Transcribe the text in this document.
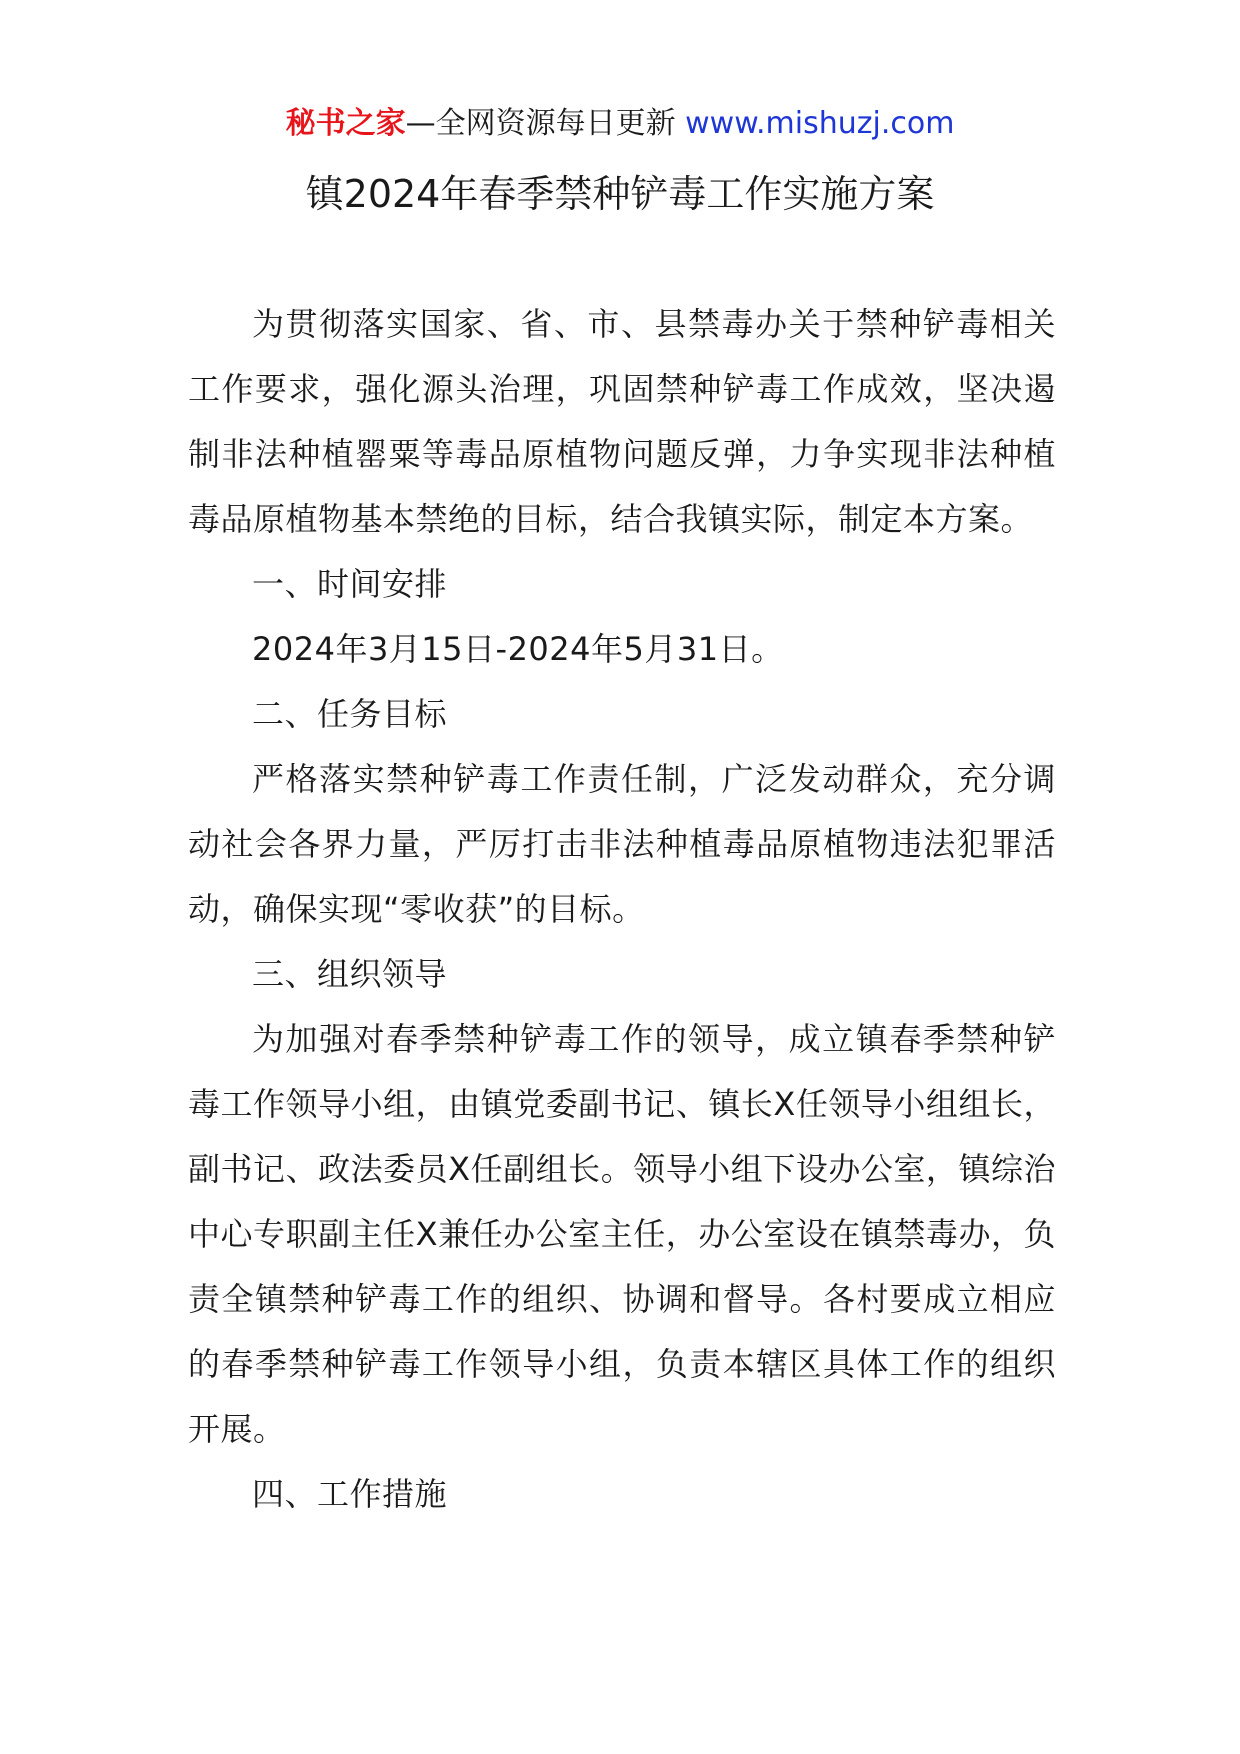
秘书之家—全网资源每日更新 www.mishuzj.com
镇2024年春季禁种铲毒工作实施方案

为贯彻落实国家、省、市、县禁毒办关于禁种铲毒相关工作要求，强化源头治理，巩固禁种铲毒工作成效，坚决遏制非法种植罂粟等毒品原植物问题反弹，力争实现非法种植毒品原植物基本禁绝的目标，结合我镇实际，制定本方案。

一、时间安排

2024年3月15日-2024年5月31日。

二、任务目标

严格落实禁种铲毒工作责任制，广泛发动群众，充分调动社会各界力量，严厉打击非法种植毒品原植物违法犯罪活动，确保实现“零收获”的目标。

三、组织领导

为加强对春季禁种铲毒工作的领导，成立镇春季禁种铲毒工作领导小组，由镇党委副书记、镇长X任领导小组组长，副书记、政法委员X任副组长。领导小组下设办公室，镇综治中心专职副主任X兼任办公室主任，办公室设在镇禁毒办，负责全镇禁种铲毒工作的组织、协调和督导。各村要成立相应的春季禁种铲毒工作领导小组，负责本辖区具体工作的组织开展。

四、工作措施
